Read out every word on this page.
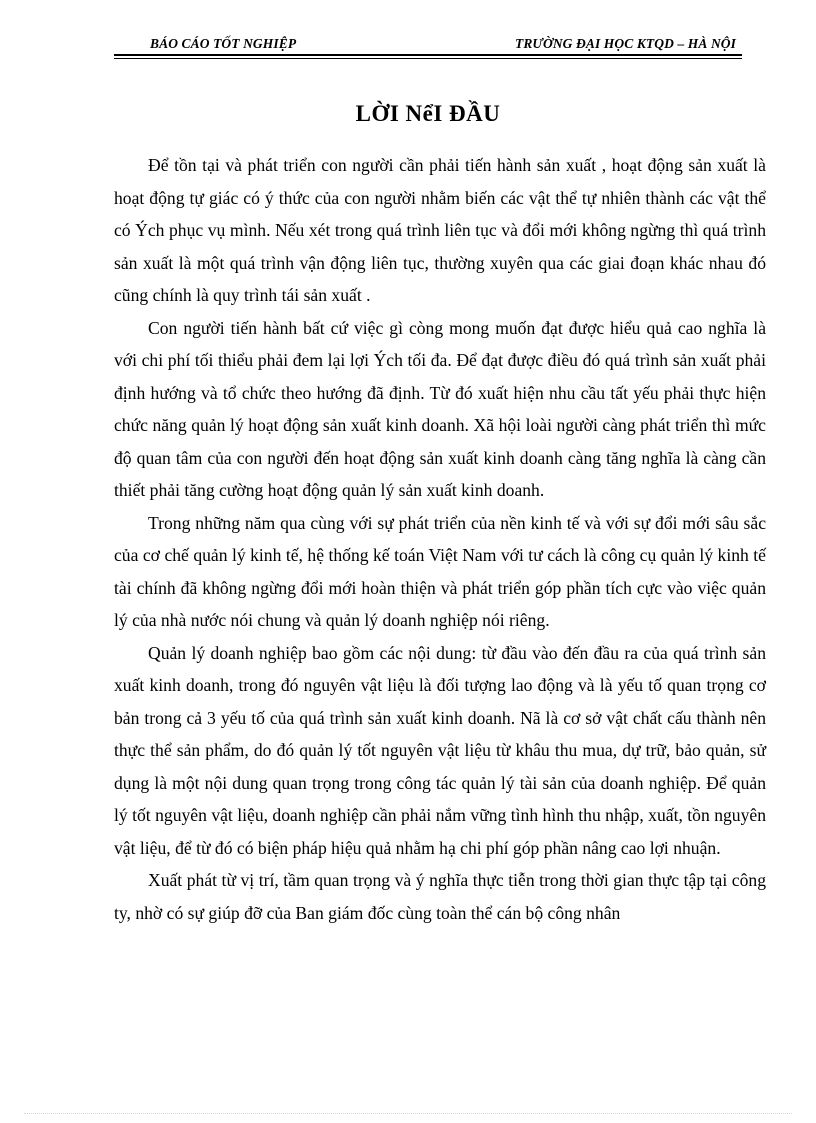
BÁO CÁO TỐT NGHIỆP	TRƯỜNG ĐẠI HỌC KTQD – HÀ NỘI
LỜI NểI ĐẦU

Để tồn tại và phát triển con người cần phải tiến hành sản xuất , hoạt động sản xuất là hoạt động tự giác có ý thức của con người nhằm biến các vật thể tự nhiên thành các vật thể có Ých phục vụ mình. Nếu xét trong quá trình liên tục và đổi mới không ngừng thì quá trình sản xuất là một quá trình vận động liên tục, thường xuyên qua các giai đoạn khác nhau đó cũng chính là quy trình tái sản xuất .

Con người tiến hành bất cứ việc gì còng mong muốn đạt được hiểu quả cao nghĩa là với chi phí tối thiểu phải đem lại lợi Ých tối đa. Để đạt được điều đó quá trình sản xuất phải định hướng và tổ chức theo hướng đã định. Từ đó xuất hiện nhu cầu tất yếu phải thực hiện chức năng quản lý hoạt động sản xuất kinh doanh. Xã hội loài người càng phát triển thì mức độ quan tâm của con người đến hoạt động sản xuất kinh doanh càng tăng nghĩa là càng cần thiết phải tăng cường hoạt động quản lý sản xuất kinh doanh.

Trong những năm qua cùng với sự phát triển của nền kinh tế và với sự đổi mới sâu sắc của cơ chế quản lý kinh tế, hệ thống kế toán Việt Nam với tư cách là công cụ quản lý kinh tế tài chính đã không ngừng đổi mới hoàn thiện và phát triển góp phần tích cực vào việc quản lý của nhà nước nói chung và quản lý doanh nghiệp nói riêng.

Quản lý doanh nghiệp bao gồm các nội dung: từ đầu vào đến đầu ra của quá trình sản xuất kinh doanh, trong đó nguyên vật liệu là đối tượng lao động và là yếu tố quan trọng cơ bản trong cả 3 yếu tố của quá trình sản xuất kinh doanh. Nã là cơ sở vật chất cấu thành nên thực thể sản phẩm, do đó quản lý tốt nguyên vật liệu từ khâu thu mua, dự trữ, bảo quản, sử dụng là một nội dung quan trọng trong công tác quản lý tài sản của doanh nghiệp. Để quản lý tốt nguyên vật liệu, doanh nghiệp cần phải nắm vững tình hình thu nhập, xuất, tồn nguyên vật liệu, để từ đó có biện pháp hiệu quả nhằm hạ chi phí góp phần nâng cao lợi nhuận.

Xuất phát từ vị trí, tầm quan trọng và ý nghĩa thực tiễn trong thời gian thực tập tại công ty, nhờ có sự giúp đỡ của Ban giám đốc cùng toàn thể cán bộ công nhân
